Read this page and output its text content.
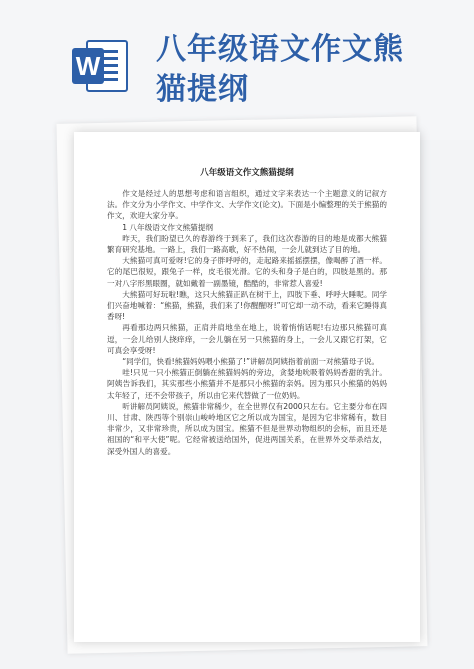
W 八年级语文作文熊猫提纲
八年级语文作文熊猫提纲

作文是经过人的思想考虑和语言组织，通过文字来表达一个主题意义的记叙方法。作文分为小学作文、中学作文、大学作文(论文)。下面是小编整理的关于熊猫的作文，欢迎大家分享。

1 八年级语文作文熊猫提纲

昨天，我们盼望已久的春游终于到来了，我们这次春游的目的地是成都大熊猫繁育研究基地。一路上，我们一路高歌，好不热闹，一会儿就到达了目的地。

大熊猫可真可爱呀!它的身子胖呼呼的，走起路来摇摇摆摆，像喝醉了酒一样。它的尾巴很短，跟兔子一样，皮毛很光滑。它的头和身子是白的，四肢是黑的。那一对八字形黑眼圈，就如戴着一副墨镜，酷酷的，非常惹人喜爱!

大熊猫可好玩啦!瞧，这只大熊猫正趴在树干上，四肢下垂、呼呼大睡呢。同学们兴奋地喊着：“熊猫，熊猫，我们来了!你醒醒呀!”可它却一动不动，看来它睡得真香呀!

再看那边两只熊猫，正肩并肩地坐在地上，说着悄悄话呢!右边那只熊猫可真逗，一会儿给别人挠痒痒，一会儿躺在另一只熊猫的身上，一会儿又跟它打架，它可真会享受呀!

“同学们，快看!熊猫妈妈喂小熊猫了!”讲解员阿姨指着前面一对熊猫母子说。

哇!只见一只小熊猫正倒躺在熊猫妈妈的旁边，贪婪地吮吸着妈妈香甜的乳汁。阿姨告诉我们，其实那些小熊猫并不是那只小熊猫的亲妈。因为那只小熊猫的妈妈太年轻了，还不会带孩子，所以由它来代替做了一位奶妈。

听讲解员阿姨说，熊猫非常稀少，在全世界仅有2000只左右。它主要分布在四川、甘肃、陕西等个别崇山峻岭地区它之所以成为国宝，是因为它非常稀有，数目非常少，又非常珍贵，所以成为国宝。熊猫不但是世界动物组织的会标，而且还是祖国的“和平大使”呢。它经常被送给国外，促进两国关系，在世界外交举杀结友，深受外国人的喜爱。
